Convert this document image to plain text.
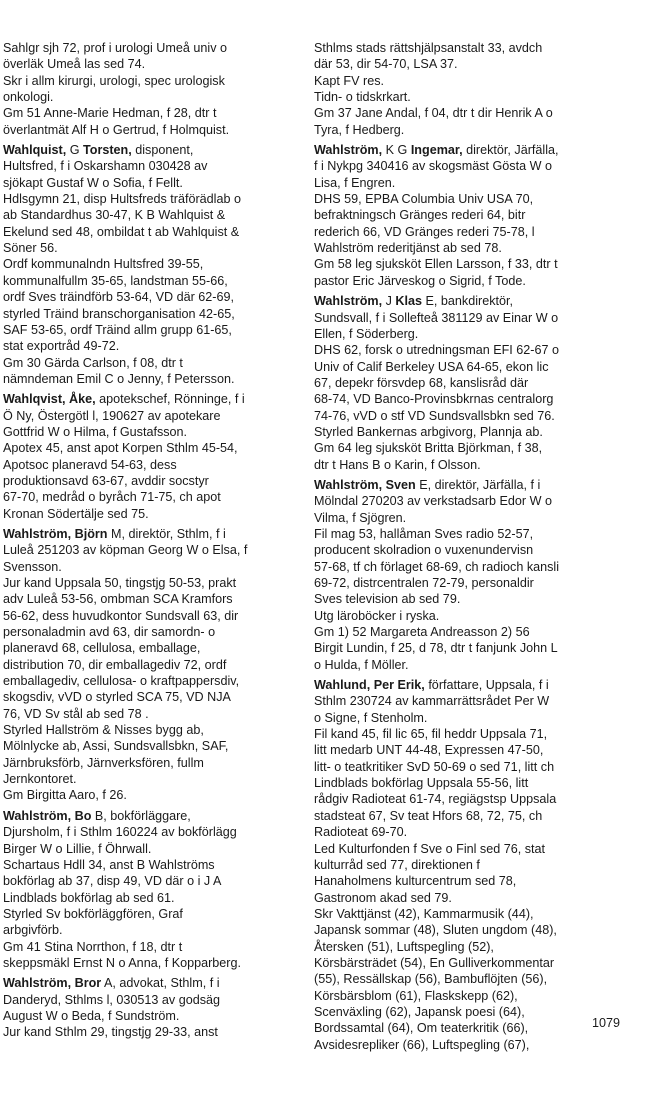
Sahlgr sjh 72, prof i urologi Umeå univ o

överläk Umeå las sed 74.

Skr i allm kirurgi, urologi, spec urologisk

onkologi.

Gm 51 Anne-Marie Hedman, f 28, dtr t

överlantmät Alf H o Gertrud, f Holmquist.

Wahlquist, G Torsten, disponent,

Hultsfred, f i Oskarshamn 030428 av

sjökapt Gustaf W o Sofia, f Fellt.

Hdlsgymn 21, disp Hultsfreds träförädlab o

ab Standardhus 30-47, K B Wahlquist &

Ekelund sed 48, ombildat t ab Wahlquist &

Söner 56.

Ordf kommunalndn Hultsfred 39-55,

kommunalfullm 35-65, landstman 55-66,

ordf Sves träindförb 53-64, VD där 62-69,

styrled Träind branschorganisation 42-65,

SAF 53-65, ordf Träind allm grupp 61-65,

stat exportråd 49-72.

Gm 30 Gärda Carlson, f 08, dtr t

nämndeman Emil C o Jenny, f Petersson.

Wahlqvist, Åke, apotekschef, Rönninge, f i

Ö Ny, Östergötl l, 190627 av apotekare

Gottfrid W o Hilma, f Gustafsson.

Apotex 45, anst apot Korpen Sthlm 45-54,

Apotsoc planeravd 54-63, dess

produktionsavd 63-67, avddir socstyr

67-70, medråd o byråch 71-75, ch apot

Kronan Södertälje sed 75.

Wahlström, Björn M, direktör, Sthlm, f i

Luleå 251203 av köpman Georg W o Elsa, f

Svensson.

Jur kand Uppsala 50, tingstjg 50-53, prakt

adv Luleå 53-56, ombman SCA Kramfors

56-62, dess huvudkontor Sundsvall 63, dir

personaladmin avd 63, dir samordn- o

planeravd 68, cellulosa, emballage,

distribution 70, dir emballagediv 72, ordf

emballagediv, cellulosa- o kraftpappersdiv,

skogsdiv, vVD o styrled SCA 75, VD NJA

76, VD Sv stål ab sed 78 .

Styrled Hallström & Nisses bygg ab,

Mölnlycke ab, Assi, Sundsvallsbkn, SAF,

Järnbruksförb, Järnverksfören, fullm

Jernkontoret.

Gm Birgitta Aaro, f 26.

Wahlström, Bo B, bokförläggare,

Djursholm, f i Sthlm 160224 av bokförlägg

Birger W o Lillie, f Öhrwall.

Schartaus Hdll 34, anst B Wahlströms

bokförlag ab 37, disp 49, VD där o i J A

Lindblads bokförlag ab sed 61.

Styrled Sv bokförläggfören, Graf

arbgivförb.

Gm 41 Stina Norrthon, f 18, dtr t

skeppsmäkl Ernst N o Anna, f Kopparberg.

Wahlström, Bror A, advokat, Sthlm, f i

Danderyd, Sthlms l, 030513 av godsäg

August W o Beda, f Sundström.

Jur kand Sthlm 29, tingstjg 29-33, anst

Sthlms stads rättshjälpsanstalt 33, avdch

där 53, dir 54-70, LSA 37.

Kapt FV res.

Tidn- o tidskrkart.

Gm 37 Jane Andal, f 04, dtr t dir Henrik A o

Tyra, f Hedberg.

Wahlström, K G Ingemar, direktör, Järfälla,

f i Nykpg 340416 av skogsmäst Gösta W o

Lisa, f Engren.

DHS 59, EPBA Columbia Univ USA 70,

befraktningsch Gränges rederi 64, bitr

rederich 66, VD Gränges rederi 75-78, l

Wahlström rederitjänst ab sed 78.

Gm 58 leg sjuksköt Ellen Larsson, f 33, dtr t

pastor Eric Järveskog o Sigrid, f Tode.

Wahlström, J Klas E, bankdirektör,

Sundsvall, f i Sollefteå 381129 av Einar W o

Ellen, f Söderberg.

DHS 62, forsk o utredningsman EFI 62-67 o

Univ of Calif Berkeley USA 64-65, ekon lic

67, depekr försvdep 68, kanslisråd där

68-74, VD Banco-Provinsbkrnas centralorg

74-76, vVD o stf VD Sundsvallsbkn sed 76.

Styrled Bankernas arbgivorg, Plannja ab.

Gm 64 leg sjuksköt Britta Björkman, f 38,

dtr t Hans B o Karin, f Olsson.

Wahlström, Sven E, direktör, Järfälla, f i

Mölndal 270203 av verkstadsarb Edor W o

Vilma, f Sjögren.

Fil mag 53, hallåman Sves radio 52-57,

producent skolradion o vuxenundervisn

57-68, tf ch förlaget 68-69, ch radioch kansli

69-72, distrcentralen 72-79, personaldir

Sves television ab sed 79.

Utg läroböcker i ryska.

Gm 1) 52 Margareta Andreasson 2) 56

Birgit Lundin, f 25, d 78, dtr t fanjunk John L

o Hulda, f Möller.

Wahlund, Per Erik, författare, Uppsala, f i

Sthlm 230724 av kammarrättsrådet Per W

o Signe, f Stenholm.

Fil kand 45, fil lic 65, fil heddr Uppsala 71,

litt medarb UNT 44-48, Expressen 47-50,

litt- o teatkritiker SvD 50-69 o sed 71, litt ch

Lindblads bokförlag Uppsala 55-56, litt

rådgiv Radioteat 61-74, regiägstsp Uppsala

stadsteat 67, Sv teat Hfors 68, 72, 75, ch

Radioteat 69-70.

Led Kulturfonden f Sve o Finl sed 76, stat

kulturråd sed 77, direktionen f

Hanaholmens kulturcentrum sed 78,

Gastronom akad sed 79.

Skr Vakttjänst (42), Kammarmusik (44),

Japansk sommar (48), Sluten ungdom (48),

Återsken (51), Luftspegling (52),

Körsbärsträdet (54), En Gulliverkommentar

(55), Ressällskap (56), Bambuflöjten (56),

Körsbärsblom (61), Flaskskepp (62),

Scenväxling (62), Japansk poesi (64),

Bordssamtal (64), Om teaterkritik (66),

Avsidesrepliker (66), Luftspegling (67),

1079
